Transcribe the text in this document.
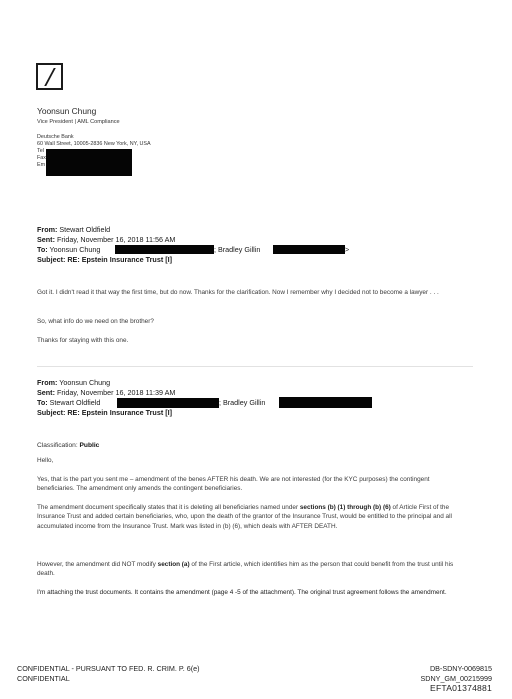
Yoonsun Chung
Vice President | AML Compliance
Deutsche Bank
60 Wall Street, 10005-2836 New York, NY, USA
Tel
Fax
Em
From: Stewart Oldfield
Sent: Friday, November 16, 2018 11:56 AM
To: Yoonsun Chung	; Bradley Gillin	>
Subject: RE: Epstein Insurance Trust [I]
Got it. I didn't read it that way the first time, but do now. Thanks for the clarification. Now I remember why I decided not to become a lawyer . . .
So, what info do we need on the brother?
Thanks for staying with this one.
From: Yoonsun Chung
Sent: Friday, November 16, 2018 11:39 AM
To: Stewart Oldfield	; Bradley Gillin
Subject: RE: Epstein Insurance Trust [I]
Classification: Public
Hello,
Yes, that is the part you sent me – amendment of the benes AFTER his death. We are not interested (for the KYC purposes) the contingent beneficiaries. The amendment only amends the contingent beneficiaries.
The amendment document specifically states that it is deleting all beneficiaries named under sections (b) (1) through (b) (6) of Article First of the Insurance Trust and added certain beneficiaries, who, upon the death of the grantor of the Insurance Trust, would be entitled to the principal and all accumulated income from the Insurance Trust. Mark was listed in (b) (6), which deals with AFTER DEATH.
However, the amendment did NOT modify section (a) of the First article, which identifies him as the person that could benefit from the trust until his death.
I'm attaching the trust documents. It contains the amendment (page 4 -5 of the attachment). The original trust agreement follows the amendment.
CONFIDENTIAL - PURSUANT TO FED. R. CRIM. P. 6(e)
CONFIDENTIAL
DB-SDNY-0069815
SDNY_GM_00215999
EFTA01374881
